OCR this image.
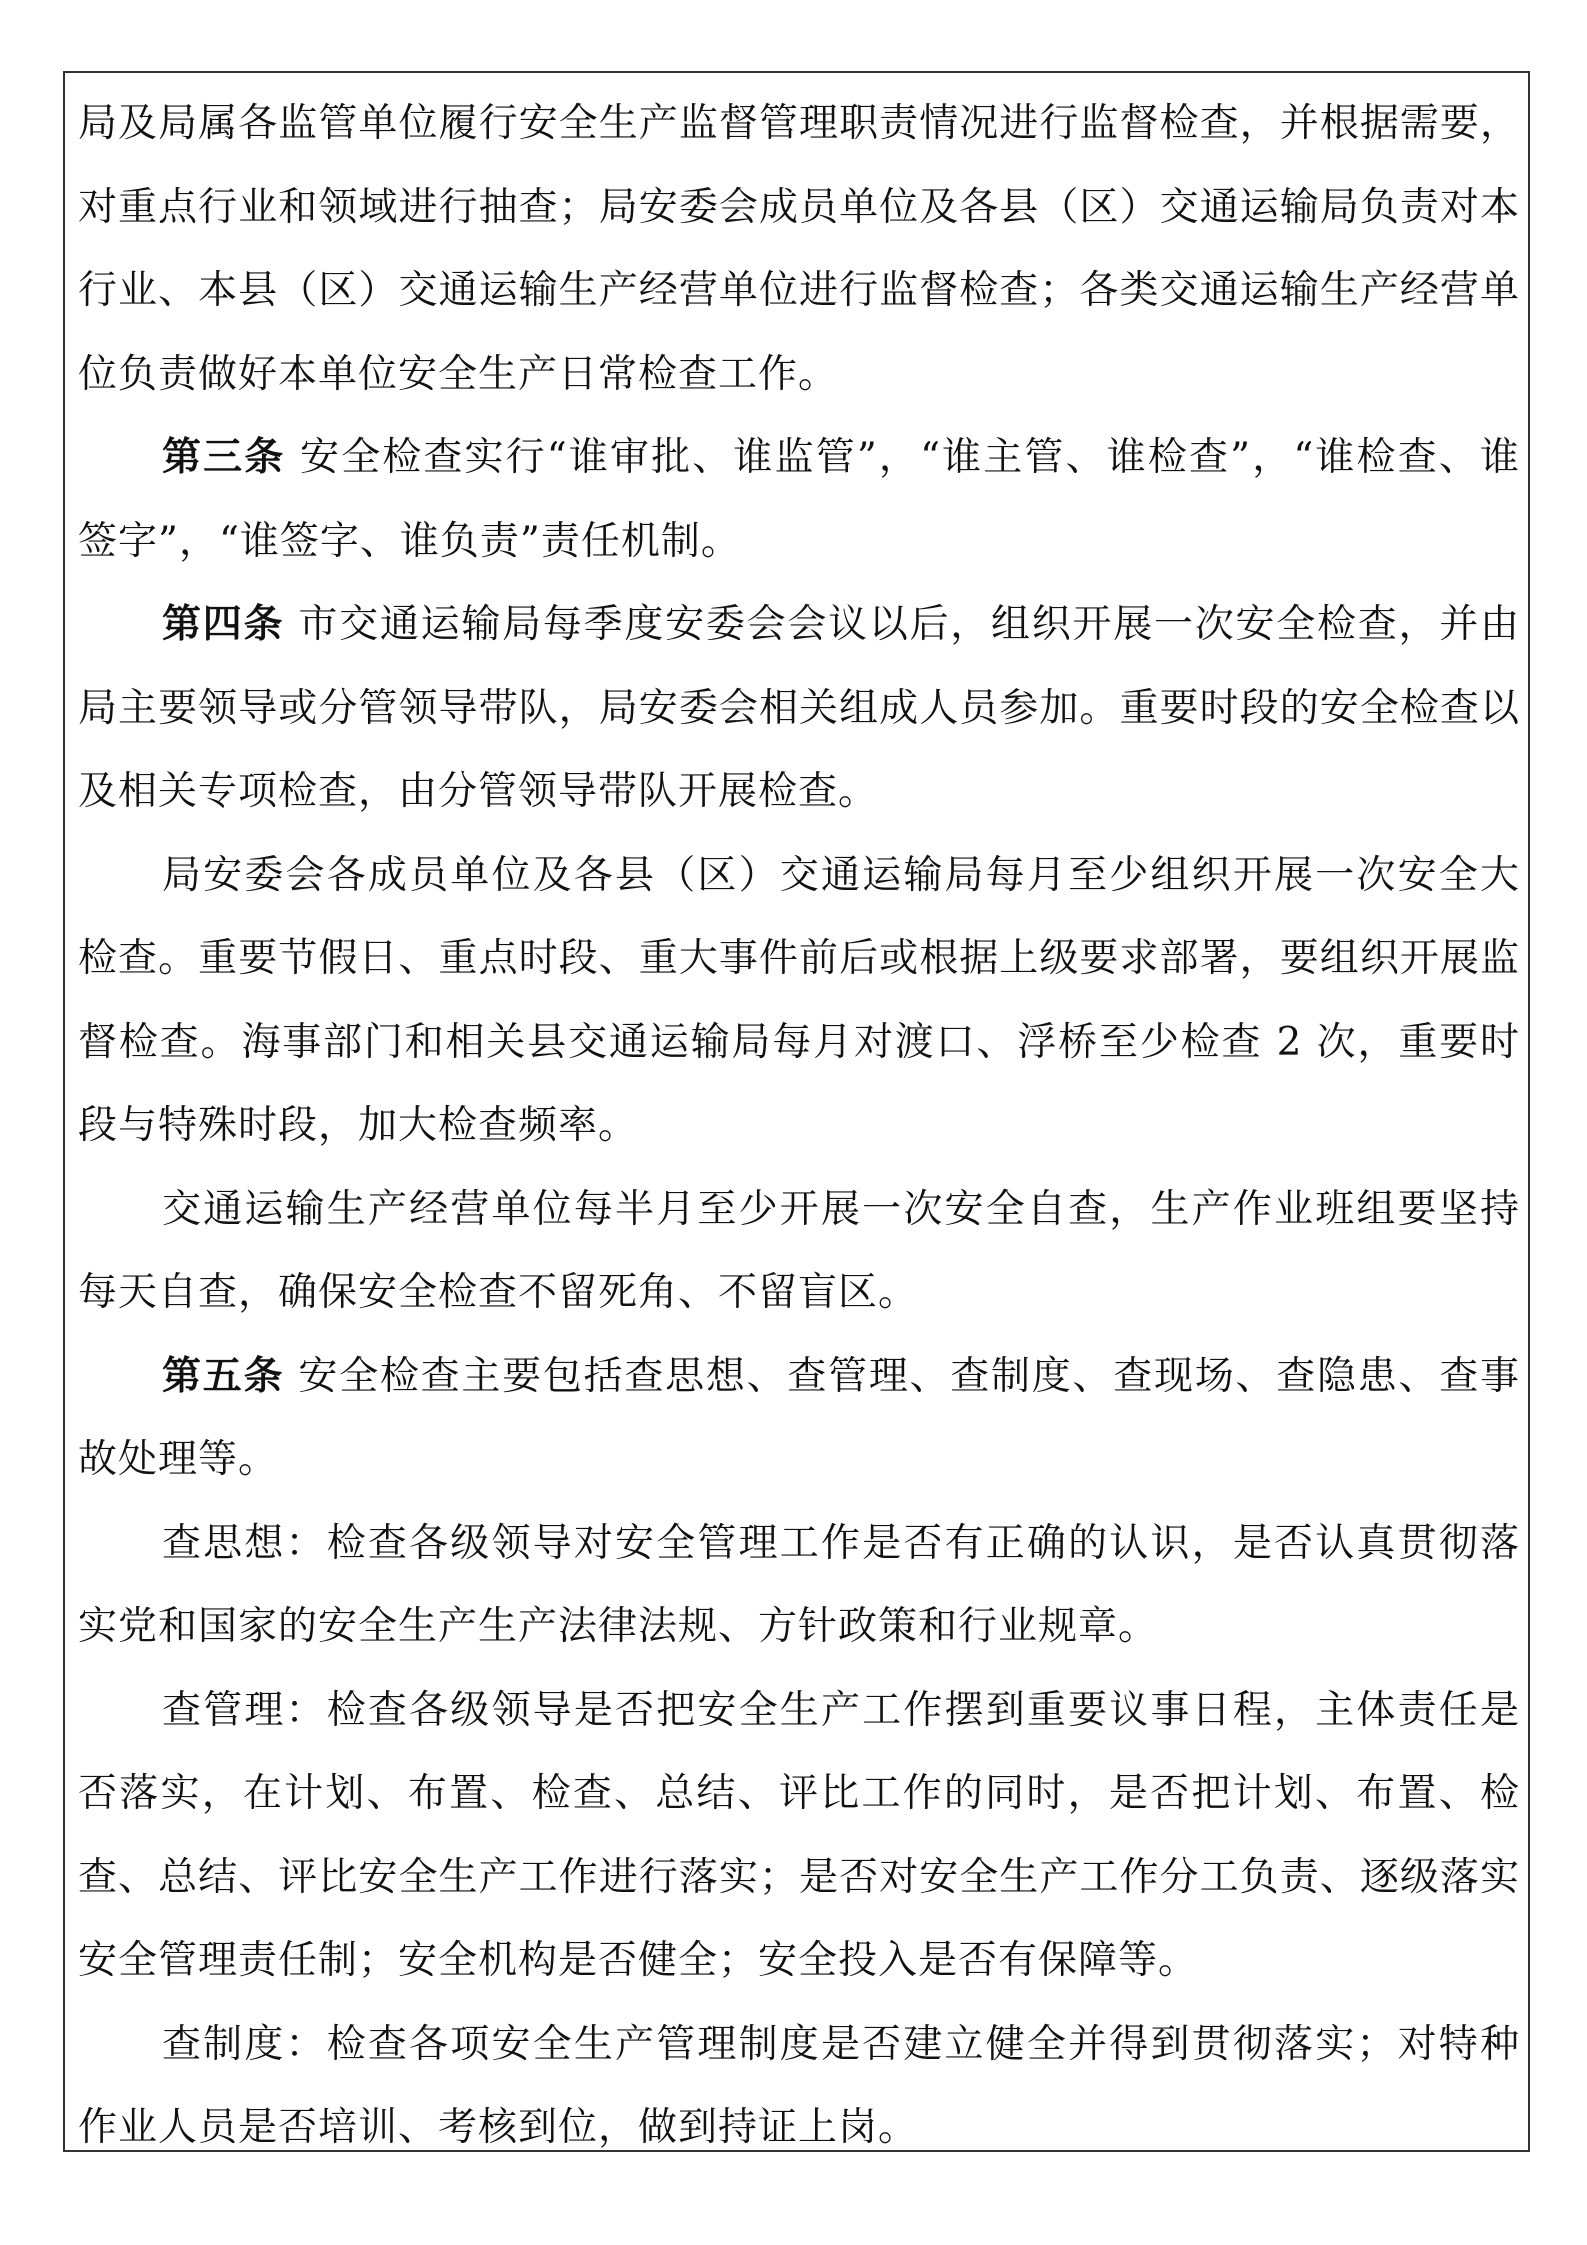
局及局属各监管单位履行安全生产监督管理职责情况进行监督检查，并根据需要，对重点行业和领域进行抽查；局安委会成员单位及各县（区）交通运输局负责对本行业、本县（区）交通运输生产经营单位进行监督检查；各类交通运输生产经营单位负责做好本单位安全生产日常检查工作。

第三条 安全检查实行“谁审批、谁监管”，“谁主管、谁检查”，“谁检查、谁签字”，“谁签字、谁负责”责任机制。

第四条 市交通运输局每季度安委会会议以后，组织开展一次安全检查，并由局主要领导或分管领导带队，局安委会相关组成人员参加。重要时段的安全检查以及相关专项检查，由分管领导带队开展检查。

局安委会各成员单位及各县（区）交通运输局每月至少组织开展一次安全大检查。重要节假日、重点时段、重大事件前后或根据上级要求部署，要组织开展监督检查。海事部门和相关县交通运输局每月对渡口、浮桥至少检查 2 次，重要时段与特殊时段，加大检查频率。

交通运输生产经营单位每半月至少开展一次安全自查，生产作业班组要坚持每天自查，确保安全检查不留死角、不留盲区。

第五条 安全检查主要包括查思想、查管理、查制度、查现场、查隐患、查事故处理等。

查思想：检查各级领导对安全管理工作是否有正确的认识，是否认真贯彻落实党和国家的安全生产生产法律法规、方针政策和行业规章。

查管理：检查各级领导是否把安全生产工作摆到重要议事日程，主体责任是否落实，在计划、布置、检查、总结、评比工作的同时，是否把计划、布置、检查、总结、评比安全生产工作进行落实；是否对安全生产工作分工负责、逐级落实安全管理责任制；安全机构是否健全；安全投入是否有保障等。

查制度：检查各项安全生产管理制度是否建立健全并得到贯彻落实；对特种作业人员是否培训、考核到位，做到持证上岗。
